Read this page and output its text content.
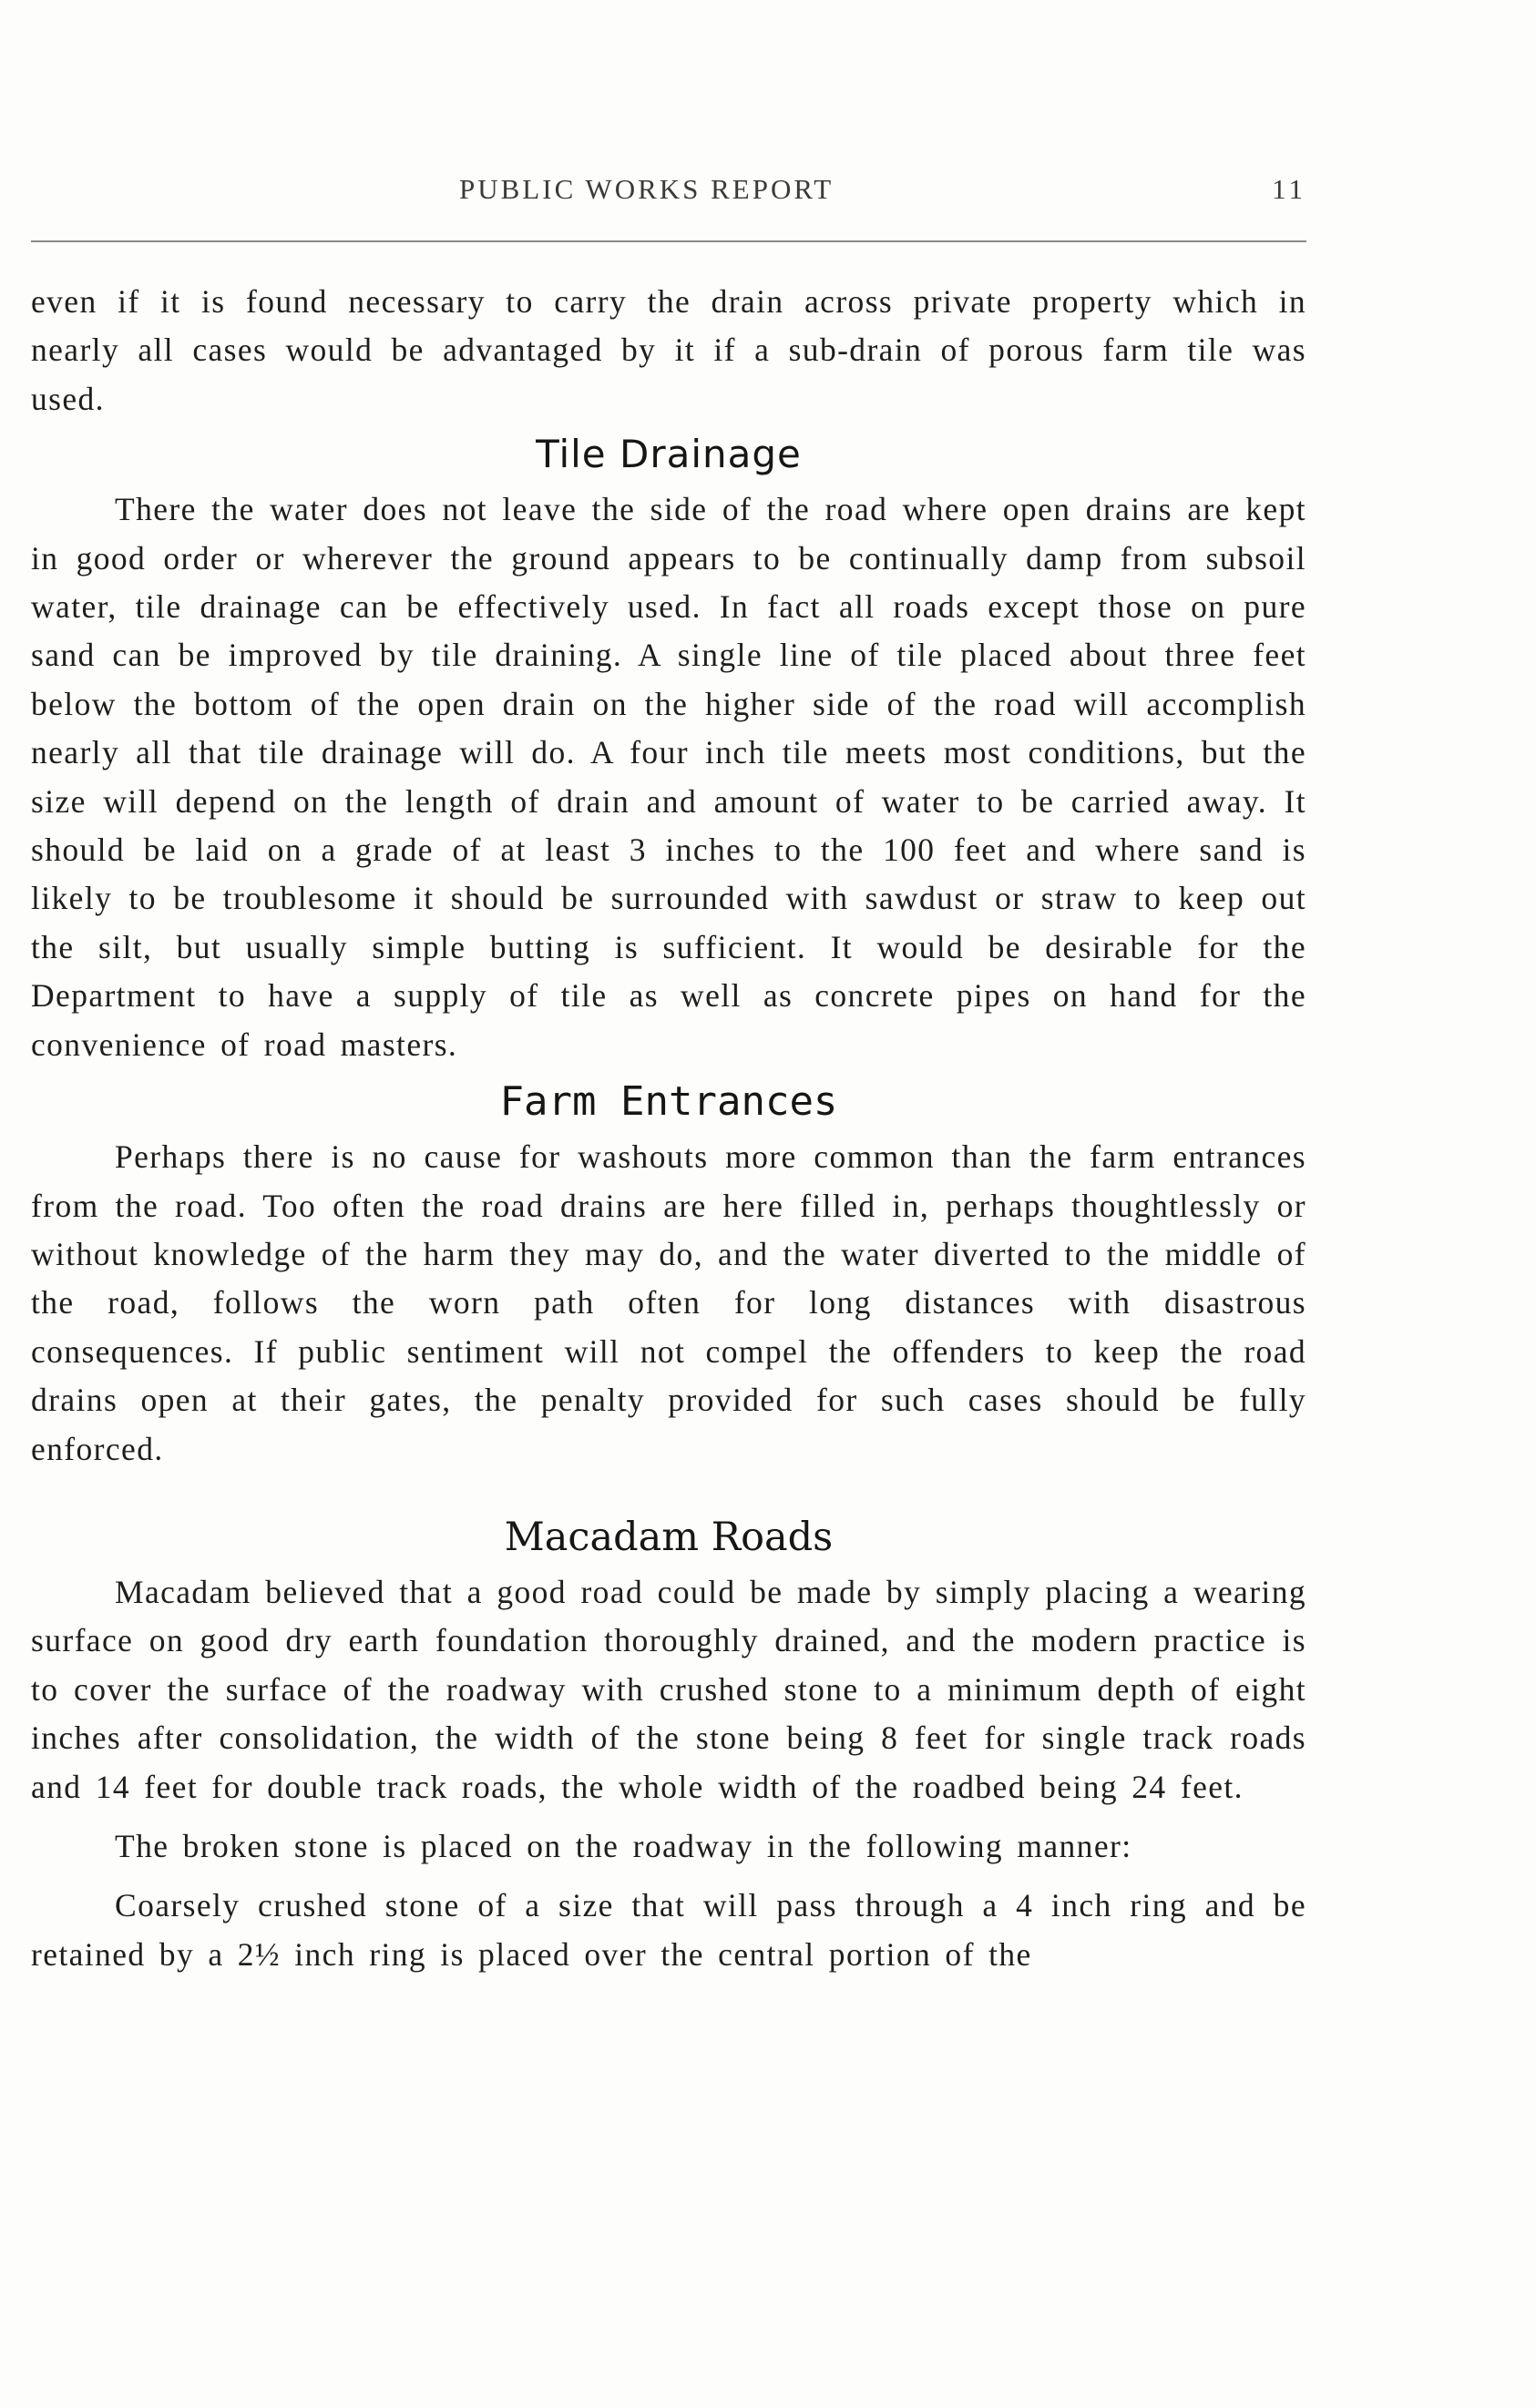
PUBLIC WORKS REPORT	11

even if it is found necessary to carry the drain across private property which in nearly all cases would be advantaged by it if a sub-drain of porous farm tile was used.

Tile Drainage

There the water does not leave the side of the road where open drains are kept in good order or wherever the ground appears to be continually damp from subsoil water, tile drainage can be effectively used. In fact all roads except those on pure sand can be improved by tile draining. A single line of tile placed about three feet below the bottom of the open drain on the higher side of the road will accomplish nearly all that tile drainage will do. A four inch tile meets most conditions, but the size will depend on the length of drain and amount of water to be carried away. It should be laid on a grade of at least 3 inches to the 100 feet and where sand is likely to be troublesome it should be surrounded with sawdust or straw to keep out the silt, but usually simple butting is sufficient. It would be desirable for the Department to have a supply of tile as well as concrete pipes on hand for the convenience of road masters.

Farm Entrances

Perhaps there is no cause for washouts more common than the farm entrances from the road. Too often the road drains are here filled in, perhaps thoughtlessly or without knowledge of the harm they may do, and the water diverted to the middle of the road, follows the worn path often for long distances with disastrous consequences. If public sentiment will not compel the offenders to keep the road drains open at their gates, the penalty provided for such cases should be fully enforced.

Macadam Roads

Macadam believed that a good road could be made by simply placing a wearing surface on good dry earth foundation thoroughly drained, and the modern practice is to cover the surface of the roadway with crushed stone to a minimum depth of eight inches after consolidation, the width of the stone being 8 feet for single track roads and 14 feet for double track roads, the whole width of the roadbed being 24 feet.

The broken stone is placed on the roadway in the following manner:

Coarsely crushed stone of a size that will pass through a 4 inch ring and be retained by a 2½ inch ring is placed over the central portion of the
